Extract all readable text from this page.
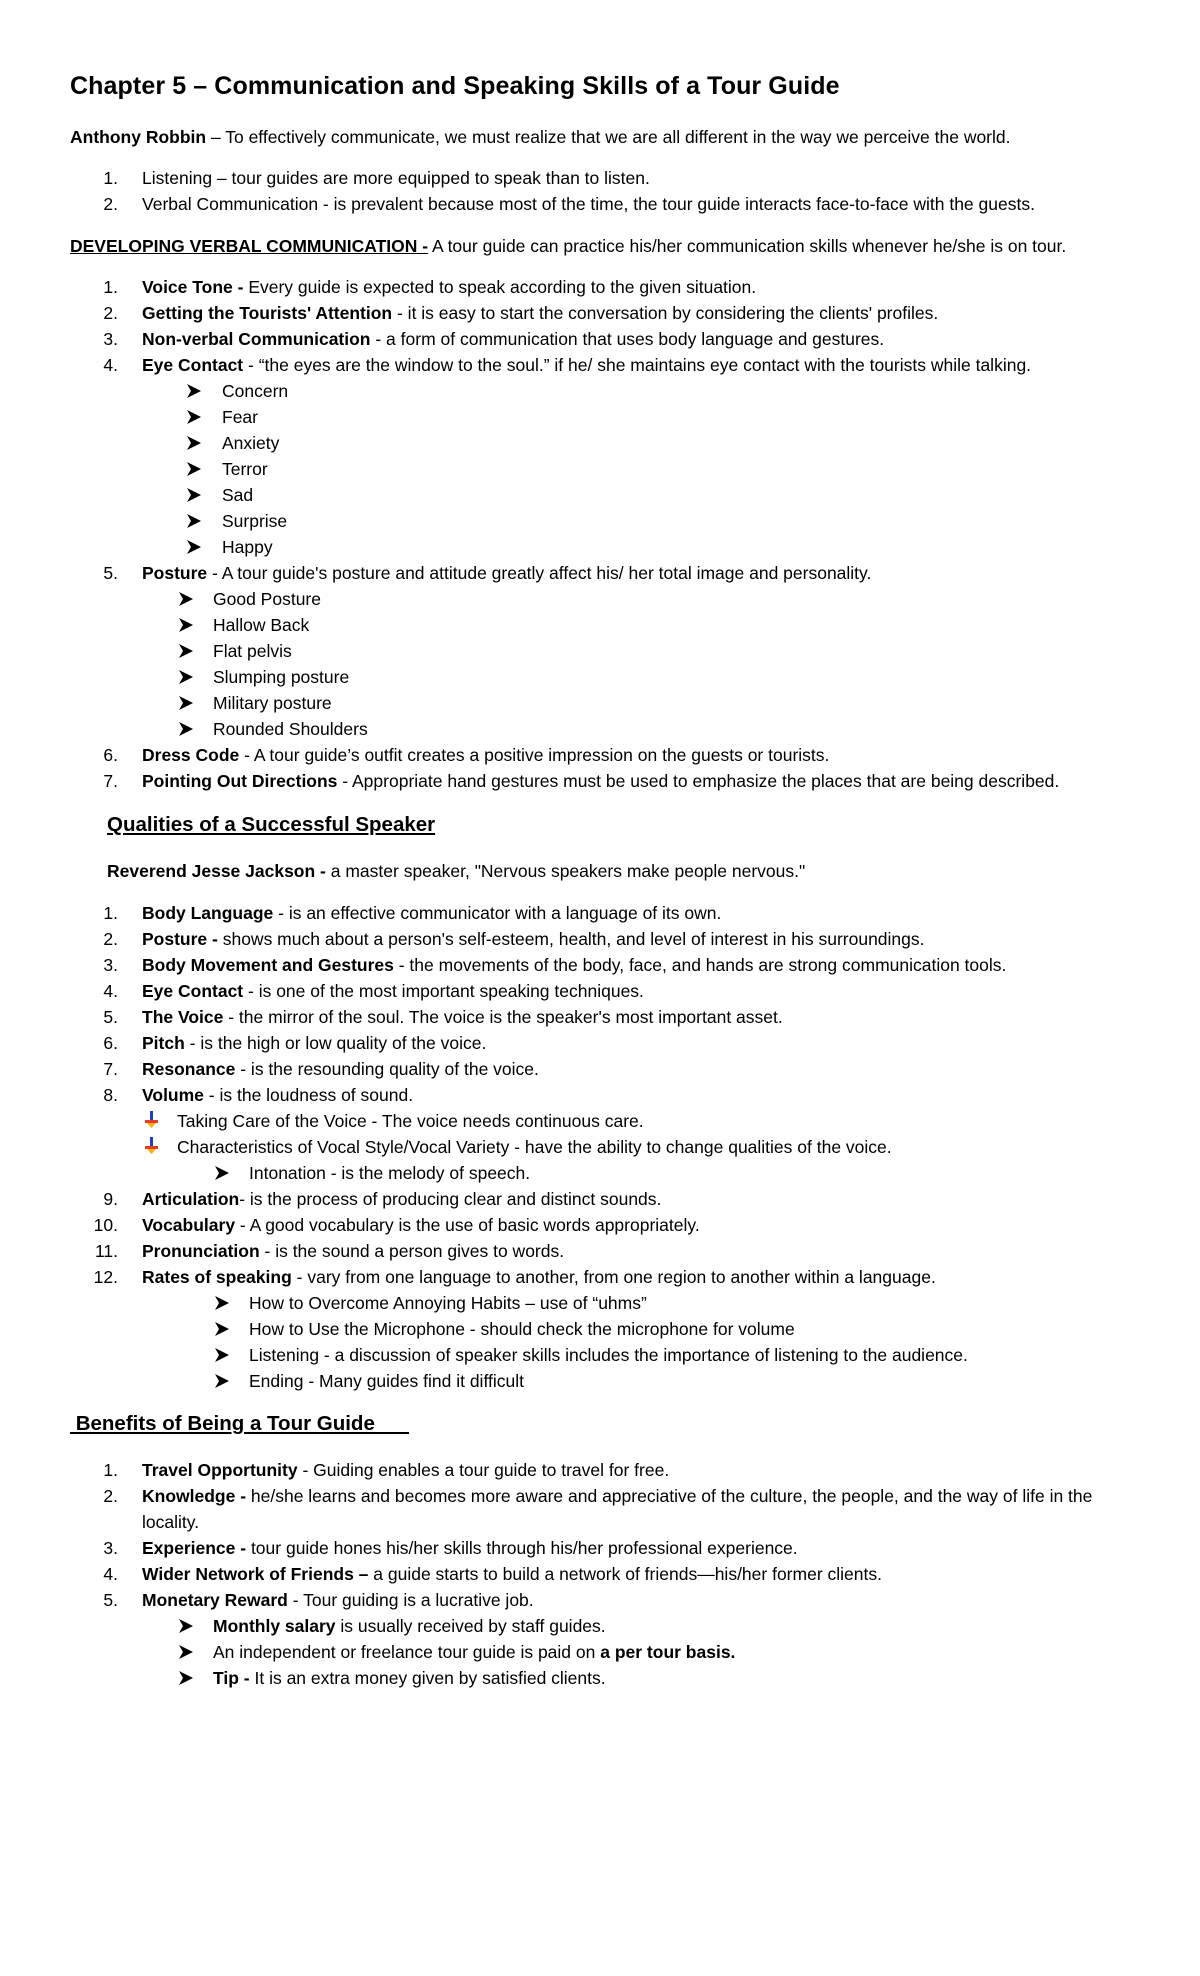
Chapter 5 – Communication and Speaking Skills of a Tour Guide
Anthony Robbin – To effectively communicate, we must realize that we are all different in the way we perceive the world.
1. Listening – tour guides are more equipped to speak than to listen.
2. Verbal Communication - is prevalent because most of the time, the tour guide interacts face-to-face with the guests.
DEVELOPING VERBAL COMMUNICATION - A tour guide can practice his/her communication skills whenever he/she is on tour.
1. Voice Tone - Every guide is expected to speak according to the given situation.
2. Getting the Tourists' Attention - it is easy to start the conversation by considering the clients' profiles.
3. Non-verbal Communication - a form of communication that uses body language and gestures.
4. Eye Contact - “the eyes are the window to the soul.” if he/ she maintains eye contact with the tourists while talking.
Concern
Fear
Anxiety
Terror
Sad
Surprise
Happy
5. Posture - A tour guide's posture and attitude greatly affect his/ her total image and personality.
Good Posture
Hallow Back
Flat pelvis
Slumping posture
Military posture
Rounded Shoulders
6. Dress Code - A tour guide’s outfit creates a positive impression on the guests or tourists.
7. Pointing Out Directions - Appropriate hand gestures must be used to emphasize the places that are being described.
Qualities of a Successful Speaker
Reverend Jesse Jackson - a master speaker, "Nervous speakers make people nervous."
1. Body Language - is an effective communicator with a language of its own.
2. Posture - shows much about a person's self-esteem, health, and level of interest in his surroundings.
3. Body Movement and Gestures - the movements of the body, face, and hands are strong communication tools.
4. Eye Contact - is one of the most important speaking techniques.
5. The Voice - the mirror of the soul. The voice is the speaker's most important asset.
6. Pitch - is the high or low quality of the voice.
7. Resonance - is the resounding quality of the voice.
8. Volume - is the loudness of sound.
Taking Care of the Voice - The voice needs continuous care.
Characteristics of Vocal Style/Vocal Variety - have the ability to change qualities of the voice.
Intonation - is the melody of speech.
9. Articulation- is the process of producing clear and distinct sounds.
10. Vocabulary - A good vocabulary is the use of basic words appropriately.
11. Pronunciation - is the sound a person gives to words.
12. Rates of speaking - vary from one language to another, from one region to another within a language.
How to Overcome Annoying Habits – use of “uhms”
How to Use the Microphone - should check the microphone for volume
Listening - a discussion of speaker skills includes the importance of listening to the audience.
Ending - Many guides find it difficult
Benefits of Being a Tour Guide
1. Travel Opportunity - Guiding enables a tour guide to travel for free.
2. Knowledge - he/she learns and becomes more aware and appreciative of the culture, the people, and the way of life in the
locality.
3. Experience - tour guide hones his/her skills through his/her professional experience.
4. Wider Network of Friends – a guide starts to build a network of friends—his/her former clients.
5. Monetary Reward - Tour guiding is a lucrative job.
Monthly salary is usually received by staff guides.
An independent or freelance tour guide is paid on a per tour basis.
Tip - It is an extra money given by satisfied clients.
